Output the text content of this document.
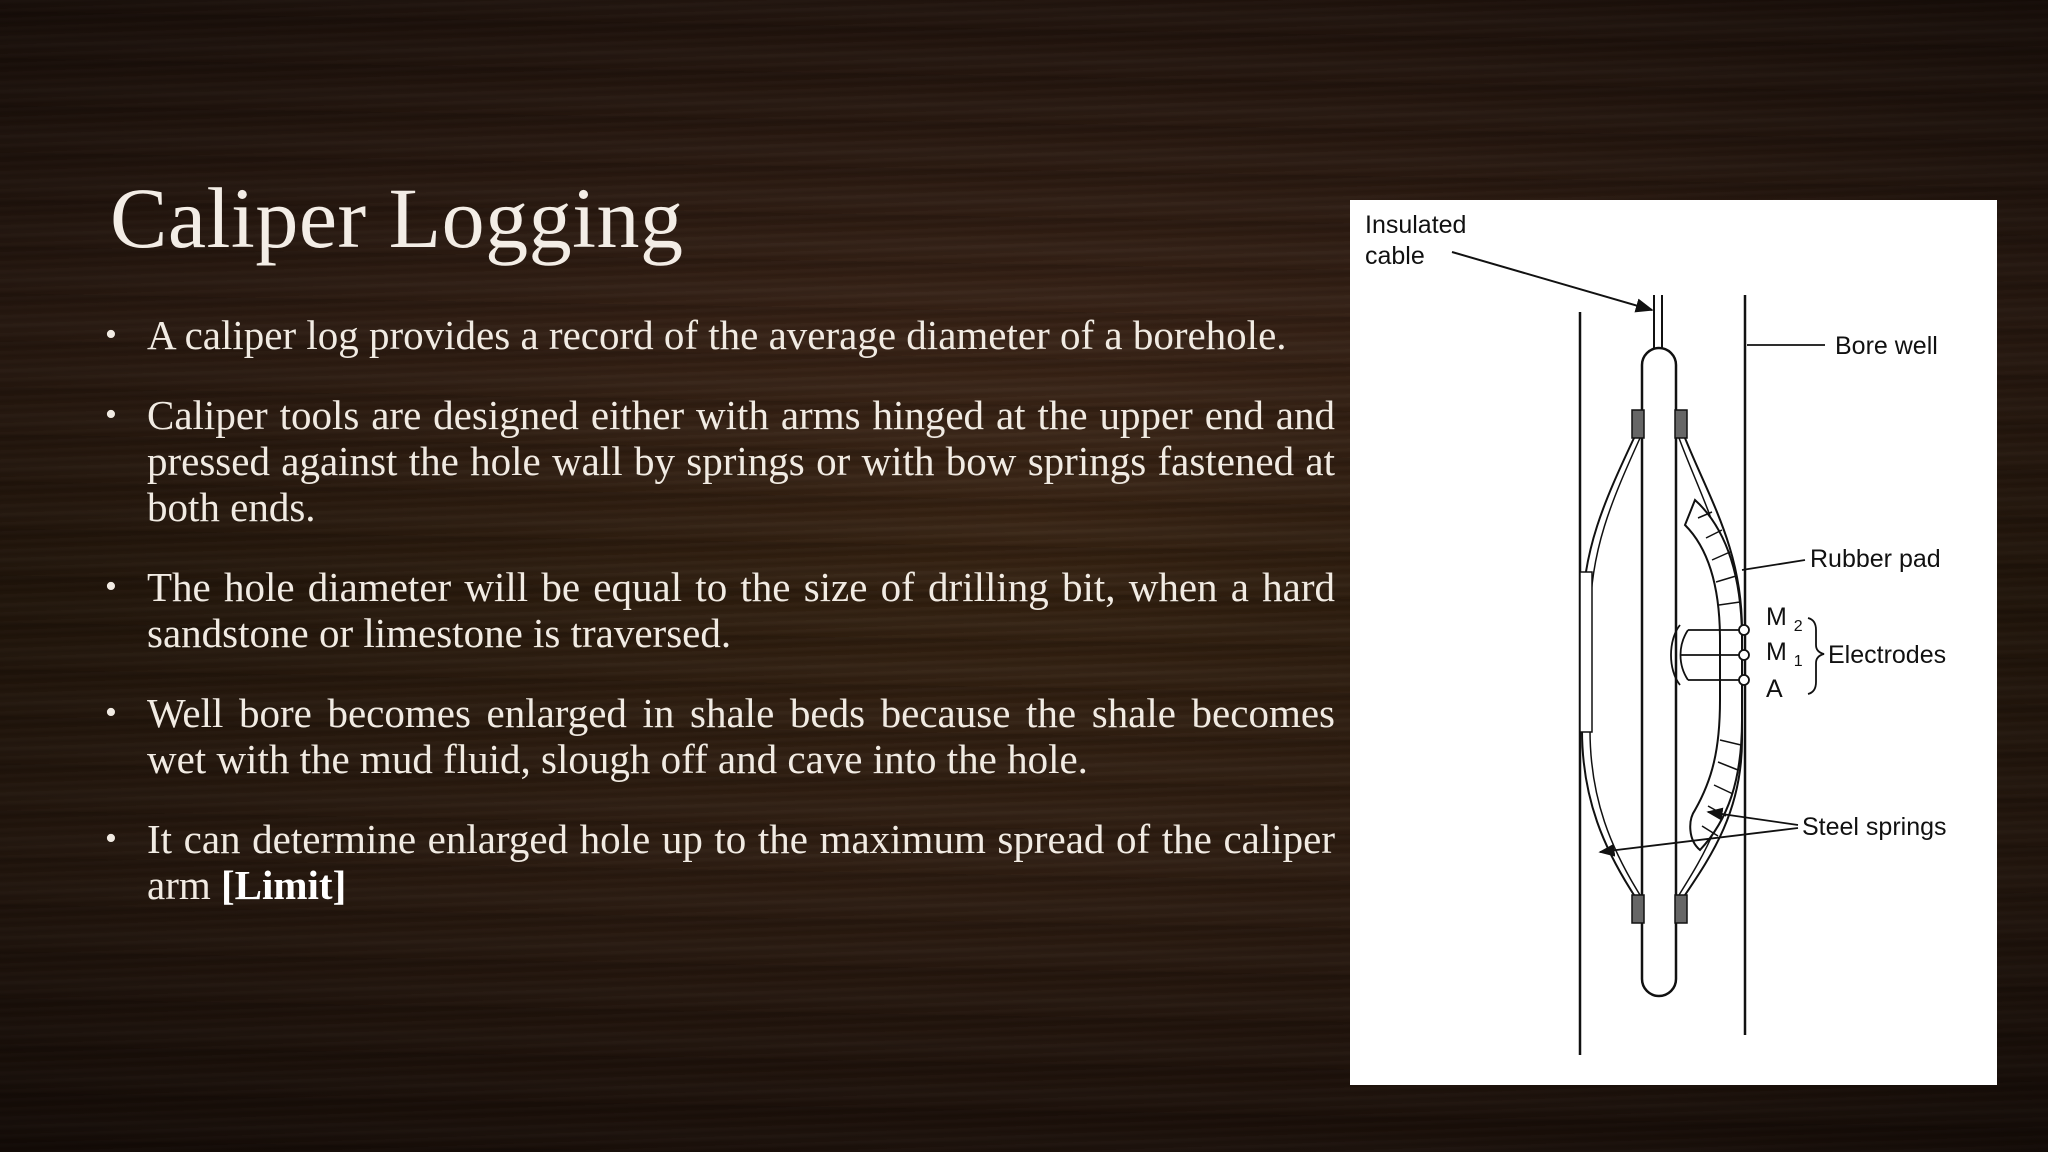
Caliper Logging
• A caliper log provides a record of the average diameter of a borehole.
• Caliper tools are designed either with arms hinged at the upper end and pressed against the hole wall by springs or with bow springs fastened at both ends.
• The hole diameter will be equal to the size of drilling bit, when a hard sandstone or limestone is traversed.
• Well bore becomes enlarged in shale beds because the shale becomes wet with the mud fluid, slough off and cave into the hole.
• It can determine enlarged hole up to the maximum spread of the caliper arm [Limit]
Insulated
cable
Bore well
Rubber pad
M $_2$
M $_1$
A
Electrodes
Steel springs
